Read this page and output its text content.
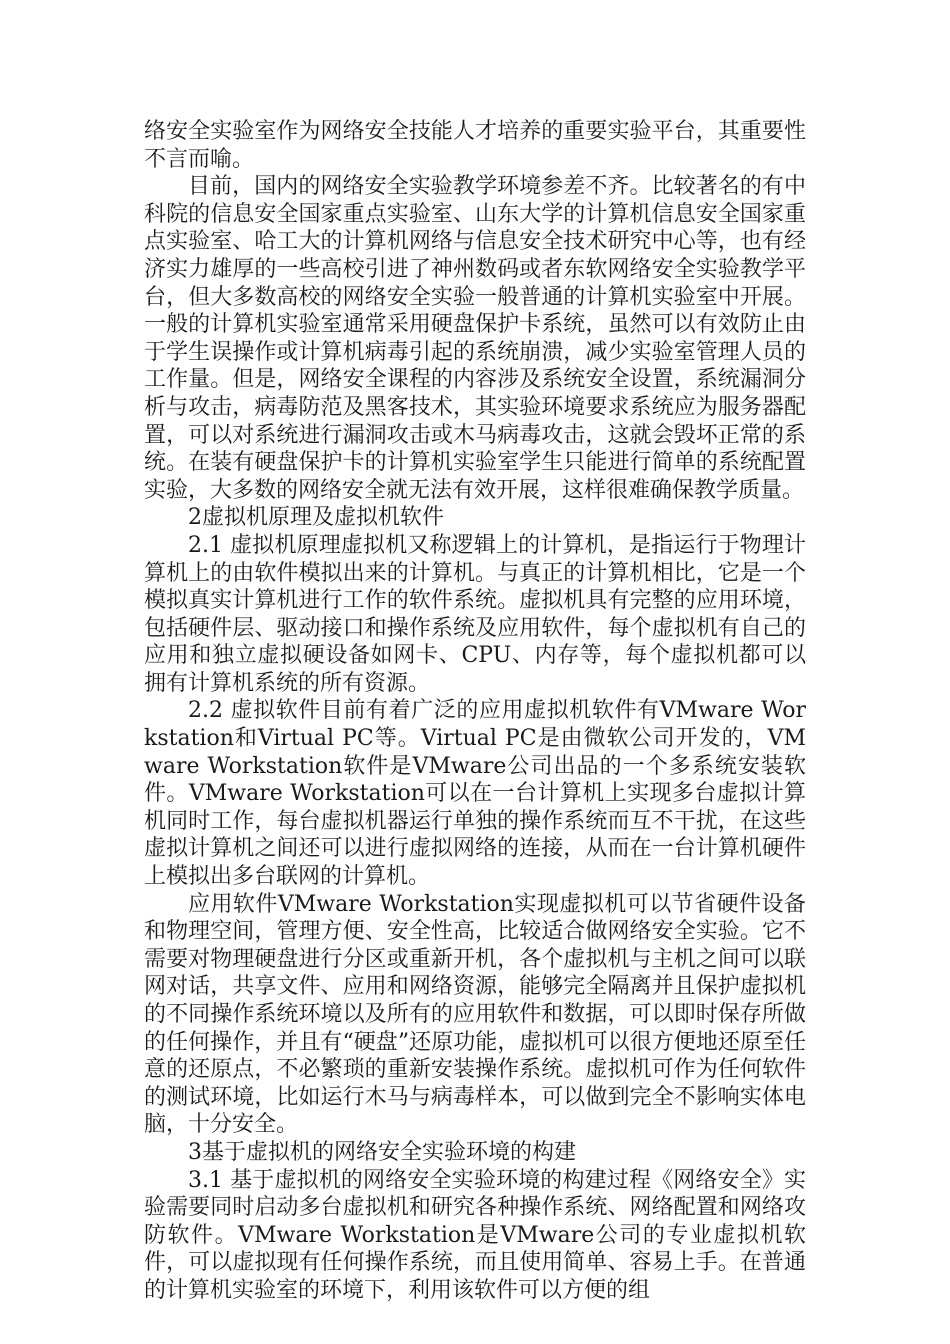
络安全实验室作为网络安全技能人才培养的重要实验平台，其重要性不言而喻。

目前，国内的网络安全实验教学环境参差不齐。比较著名的有中科院的信息安全国家重点实验室、山东大学的计算机信息安全国家重点实验室、哈工大的计算机网络与信息安全技术研究中心等，也有经济实力雄厚的一些高校引进了神州数码或者东软网络安全实验教学平台，但大多数高校的网络安全实验一般普通的计算机实验室中开展。一般的计算机实验室通常采用硬盘保护卡系统，虽然可以有效防止由于学生误操作或计算机病毒引起的系统崩溃，减少实验室管理人员的工作量。但是，网络安全课程的内容涉及系统安全设置，系统漏洞分析与攻击，病毒防范及黑客技术，其实验环境要求系统应为服务器配置，可以对系统进行漏洞攻击或木马病毒攻击，这就会毁坏正常的系统。在装有硬盘保护卡的计算机实验室学生只能进行简单的系统配置实验，大多数的网络安全就无法有效开展，这样很难确保教学质量。

2虚拟机原理及虚拟机软件

2.1 虚拟机原理虚拟机又称逻辑上的计算机，是指运行于物理计算机上的由软件模拟出来的计算机。与真正的计算机相比，它是一个模拟真实计算机进行工作的软件系统。虚拟机具有完整的应用环境，包括硬件层、驱动接口和操作系统及应用软件，每个虚拟机有自己的应用和独立虚拟硬设备如网卡、CPU、内存等，每个虚拟机都可以拥有计算机系统的所有资源。

2.2 虚拟软件目前有着广泛的应用虚拟机软件有VMware Workstation和Virtual PC等。Virtual PC是由微软公司开发的，VMware Workstation软件是VMware公司出品的一个多系统安装软件。VMware Workstation可以在一台计算机上实现多台虚拟计算机同时工作，每台虚拟机器运行单独的操作系统而互不干扰，在这些虚拟计算机之间还可以进行虚拟网络的连接，从而在一台计算机硬件上模拟出多台联网的计算机。

应用软件VMware Workstation实现虚拟机可以节省硬件设备和物理空间，管理方便、安全性高，比较适合做网络安全实验。它不需要对物理硬盘进行分区或重新开机，各个虚拟机与主机之间可以联网对话，共享文件、应用和网络资源，能够完全隔离并且保护虚拟机的不同操作系统环境以及所有的应用软件和数据，可以即时保存所做的任何操作，并且有“硬盘”还原功能，虚拟机可以很方便地还原至任意的还原点，不必繁琐的重新安装操作系统。虚拟机可作为任何软件的测试环境，比如运行木马与病毒样本，可以做到完全不影响实体电脑，十分安全。

3基于虚拟机的网络安全实验环境的构建

3.1 基于虚拟机的网络安全实验环境的构建过程《网络安全》实验需要同时启动多台虚拟机和研究各种操作系统、网络配置和网络攻防软件。VMware Workstation是VMware公司的专业虚拟机软件，可以虚拟现有任何操作系统，而且使用简单、容易上手。在普通的计算机实验室的环境下，利用该软件可以方便的组
